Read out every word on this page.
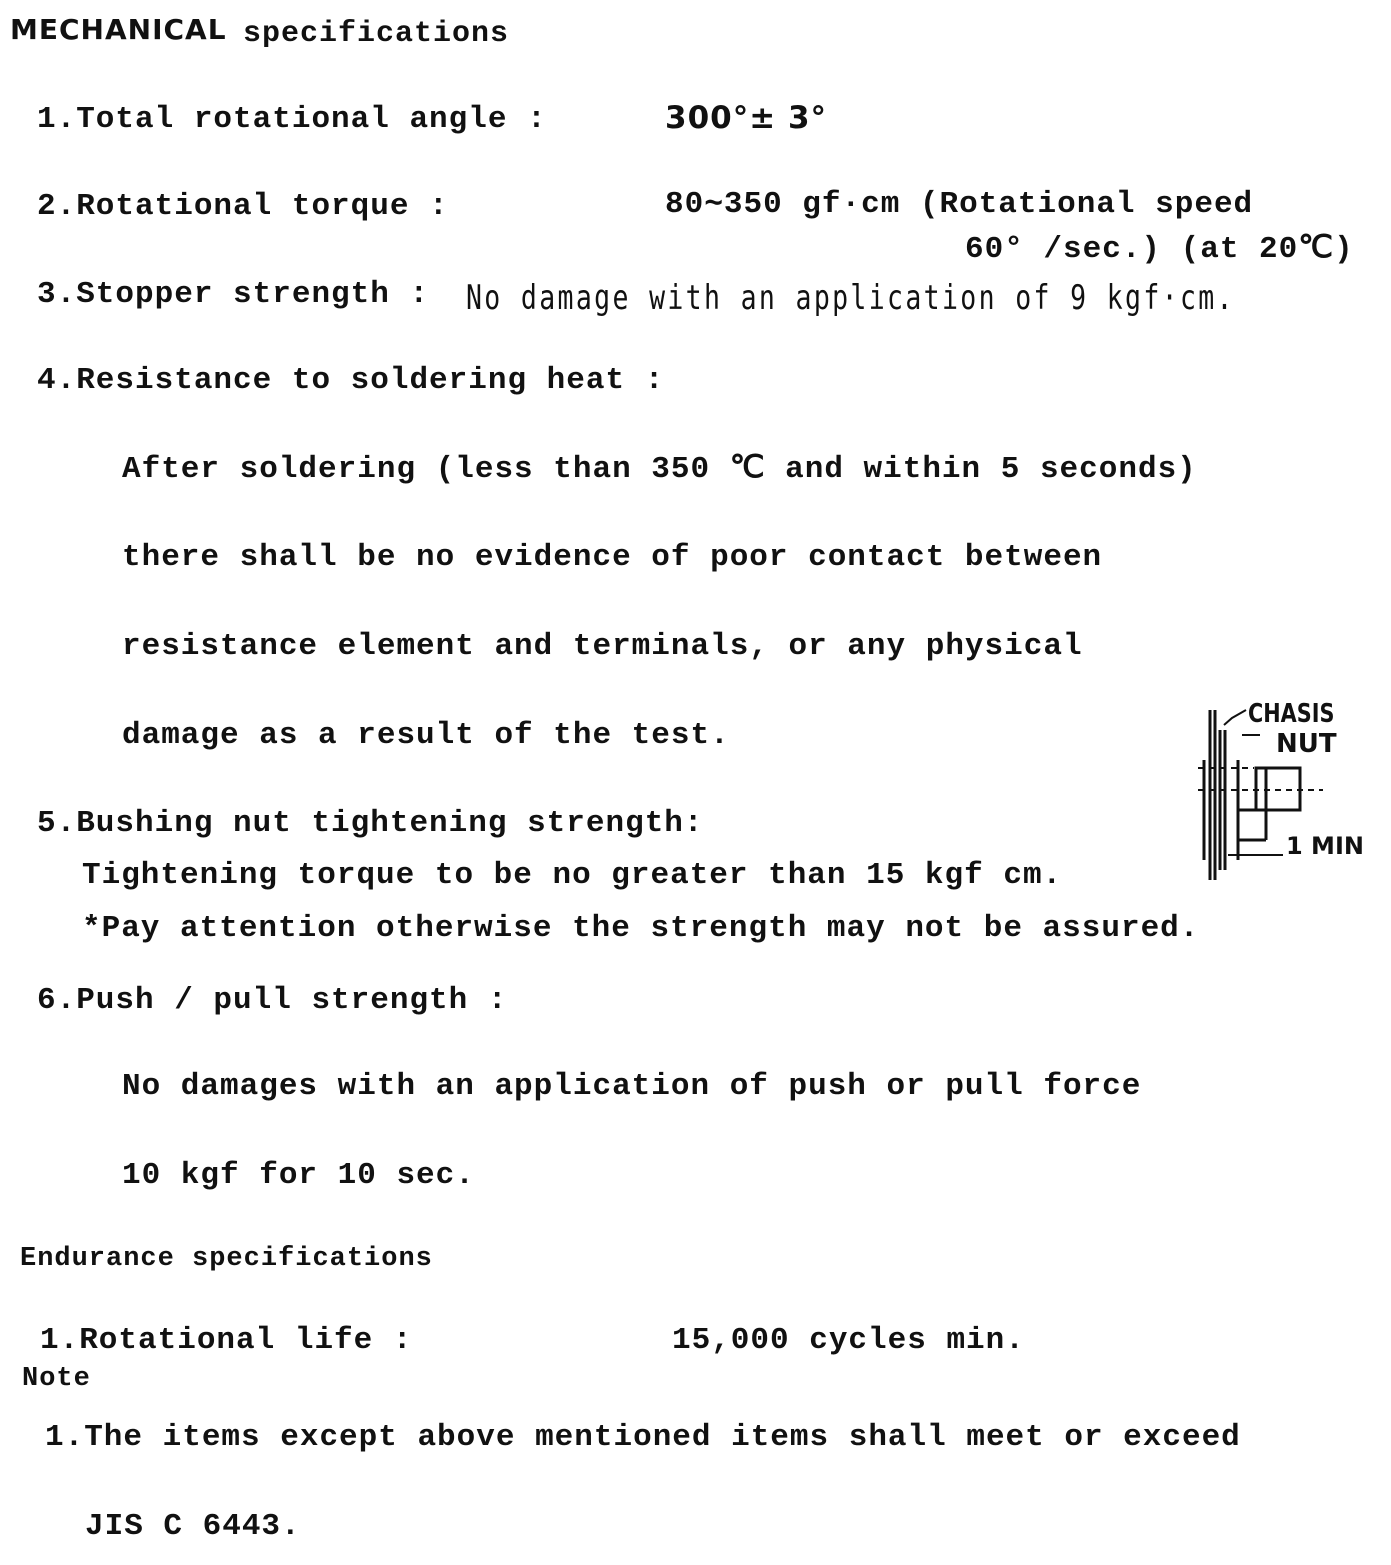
MECHANICAL specifications
1.Total rotational angle :	300°± 3°
2.Rotational torque :	80∼350 gf·cm (Rotational speed
60° /sec.) (at 20℃)
3.Stopper strength : No damage with an application of 9 kgf·cm.
4.Resistance to soldering heat :
After soldering (less than 350 ℃ and within 5 seconds)
there shall be no evidence of poor contact between
resistance element and terminals, or any physical
damage as a result of the test.
5.Bushing nut tightening strength:
Tightening torque to be no greater than 15 kgf cm.
*Pay attention otherwise the strength may not be assured.
6.Push / pull strength :
No damages with an application of push or pull force
10 kgf for 10 sec.
Endurance specifications
1.Rotational life :	15,000 cycles min.
Note
1.The items except above mentioned items shall meet or exceed
JIS C 6443.
CHASIS
NUT
1 MIN
